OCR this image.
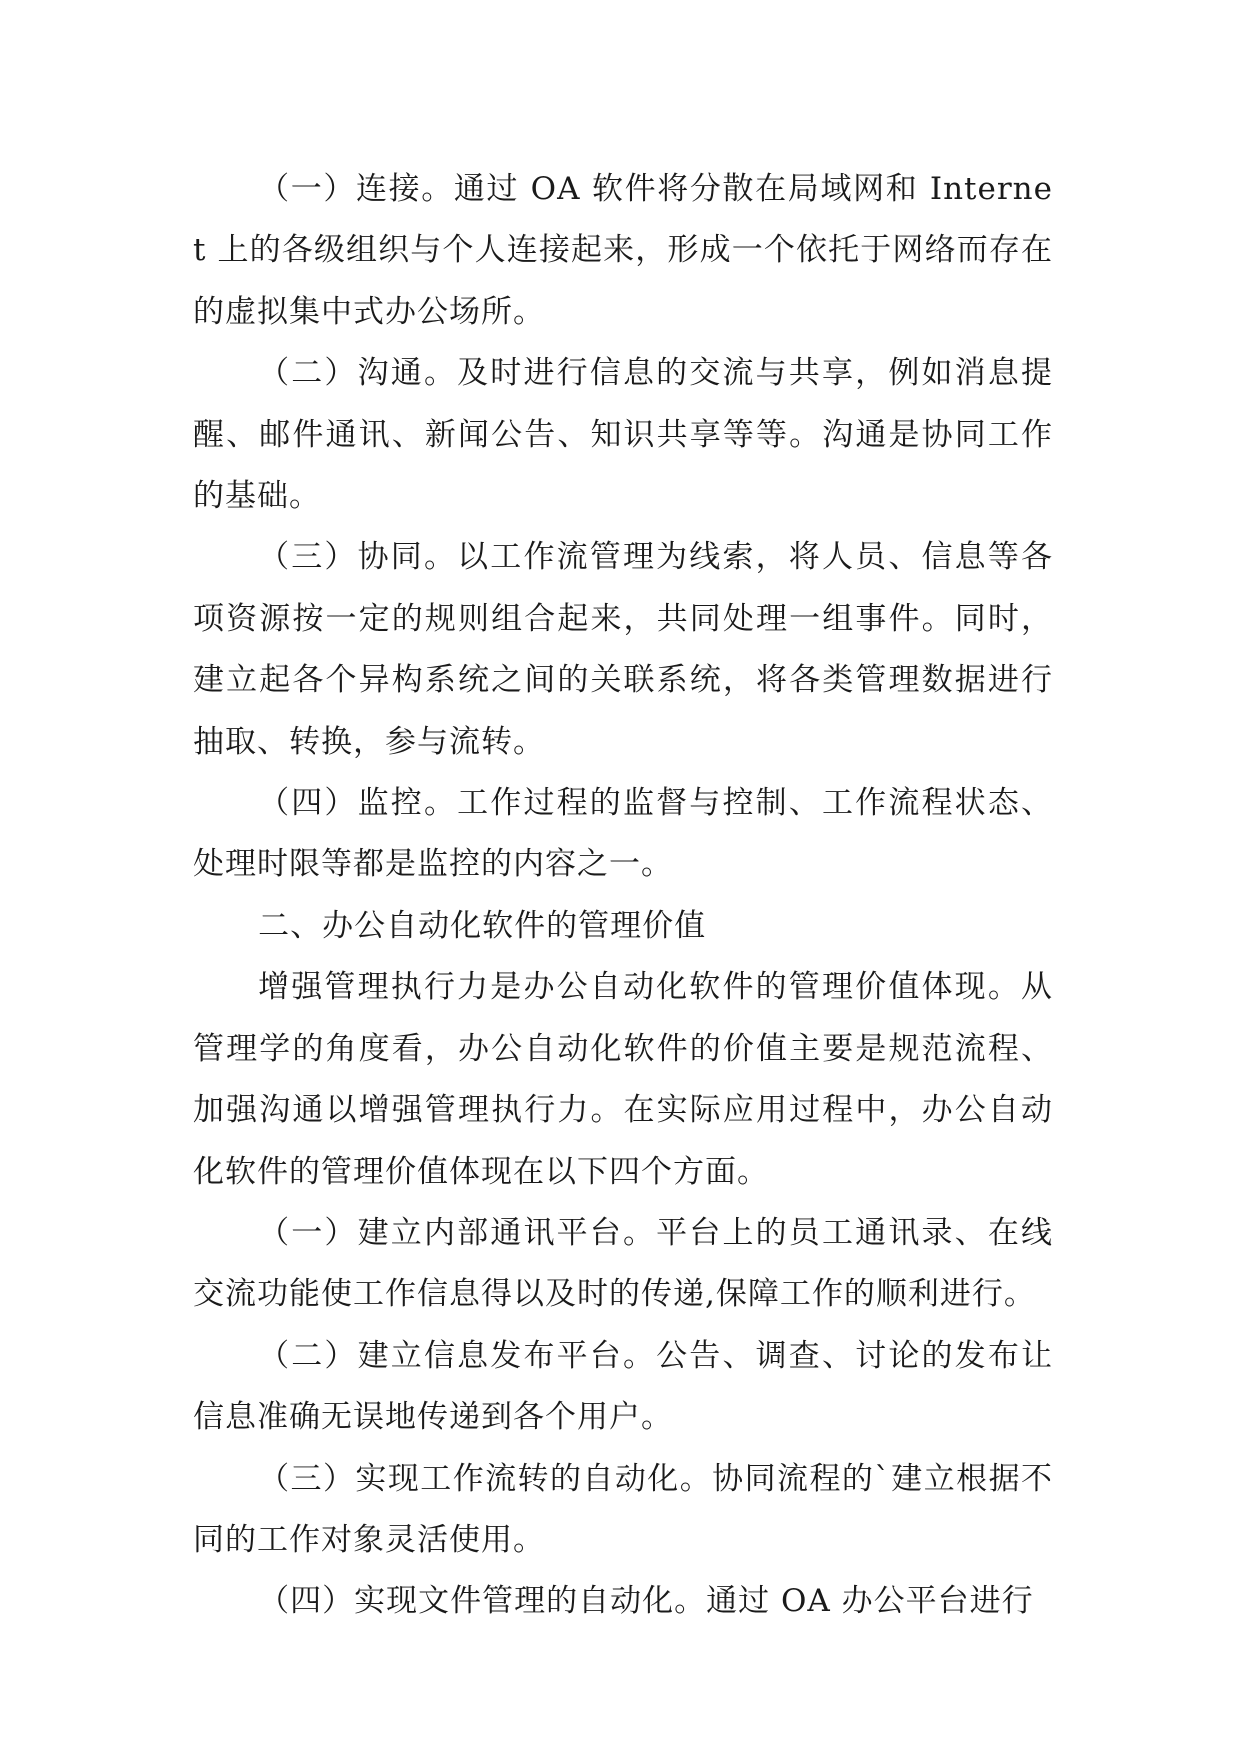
（一）连接。通过 OA 软件将分散在局域网和 Internet 上的各级组织与个人连接起来，形成一个依托于网络而存在的虚拟集中式办公场所。

（二）沟通。及时进行信息的交流与共享，例如消息提醒、邮件通讯、新闻公告、知识共享等等。沟通是协同工作的基础。

（三）协同。以工作流管理为线索，将人员、信息等各项资源按一定的规则组合起来，共同处理一组事件。同时，建立起各个异构系统之间的关联系统，将各类管理数据进行抽取、转换，参与流转。

（四）监控。工作过程的监督与控制、工作流程状态、处理时限等都是监控的内容之一。

二、办公自动化软件的管理价值

增强管理执行力是办公自动化软件的管理价值体现。从管理学的角度看，办公自动化软件的价值主要是规范流程、加强沟通以增强管理执行力。在实际应用过程中，办公自动化软件的管理价值体现在以下四个方面。

（一）建立内部通讯平台。平台上的员工通讯录、在线交流功能使工作信息得以及时的传递,保障工作的顺利进行。

（二）建立信息发布平台。公告、调查、讨论的发布让信息准确无误地传递到各个用户。

（三）实现工作流转的自动化。协同流程的`建立根据不同的工作对象灵活使用。

（四）实现文件管理的自动化。通过 OA 办公平台进行
